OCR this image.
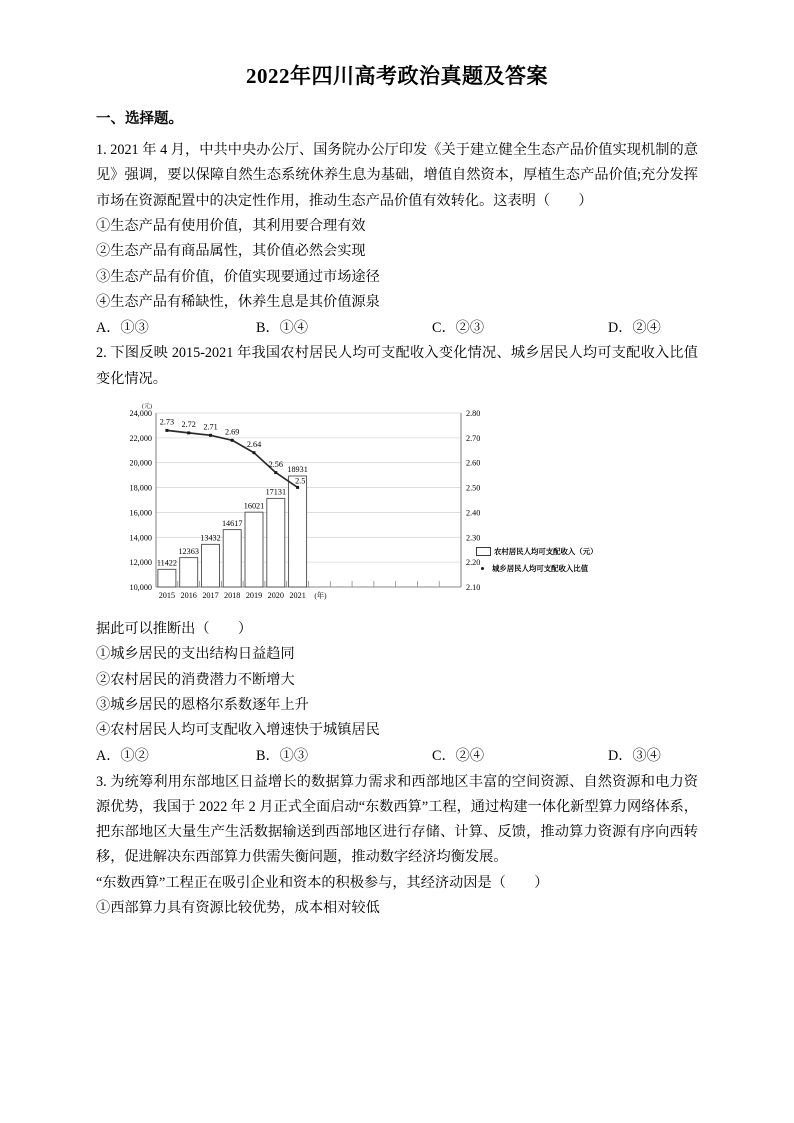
2022年四川高考政治真题及答案
一、选择题。

1. 2021 年 4 月，中共中央办公厅、国务院办公厅印发《关于建立健全生态产品价值实现机制的意见》强调，要以保障自然生态系统休养生息为基础，增值自然资本，厚植生态产品价值;充分发挥市场在资源配置中的决定性作用，推动生态产品价值有效转化。这表明（　　）

①生态产品有使用价值，其利用要合理有效

②生态产品有商品属性，其价值必然会实现

③生态产品有价值，价值实现要通过市场途径

④生态产品有稀缺性，休养生息是其价值源泉

A．①③	B．①④	C．②③	D．②④

2. 下图反映 2015-2021 年我国农村居民人均可支配收入变化情况、城乡居民人均可支配收入比值变化情况。

11422
12363
13432
14617
16021
17131
18931
2.73 2.72 2.71
2.69
2.64
2.56
2.5
24,000
22,000
20,000
18,000
16,000
14,000
12,000
10,000
(元)
2.80
2.70
2.60
2.50
2.40
2.30
2.20
2.10
2015 2016 2017 2018 2019 2020 2021 (年)
农村居民人均可支配收入（元）
城乡居民人均可支配收入比值

据此可以推断出（　　）

①城乡居民的支出结构日益趋同

②农村居民的消费潜力不断增大

③城乡居民的恩格尔系数逐年上升

④农村居民人均可支配收入增速快于城镇居民

A．①②	B．①③	C．②④	D．③④

3. 为统筹利用东部地区日益增长的数据算力需求和西部地区丰富的空间资源、自然资源和电力资源优势，我国于 2022 年 2 月正式全面启动“东数西算”工程，通过构建一体化新型算力网络体系，把东部地区大量生产生活数据输送到西部地区进行存储、计算、反馈，推动算力资源有序向西转移，促进解决东西部算力供需失衡问题，推动数字经济均衡发展。

“东数西算”工程正在吸引企业和资本的积极参与，其经济动因是（　　）

①西部算力具有资源比较优势，成本相对较低
